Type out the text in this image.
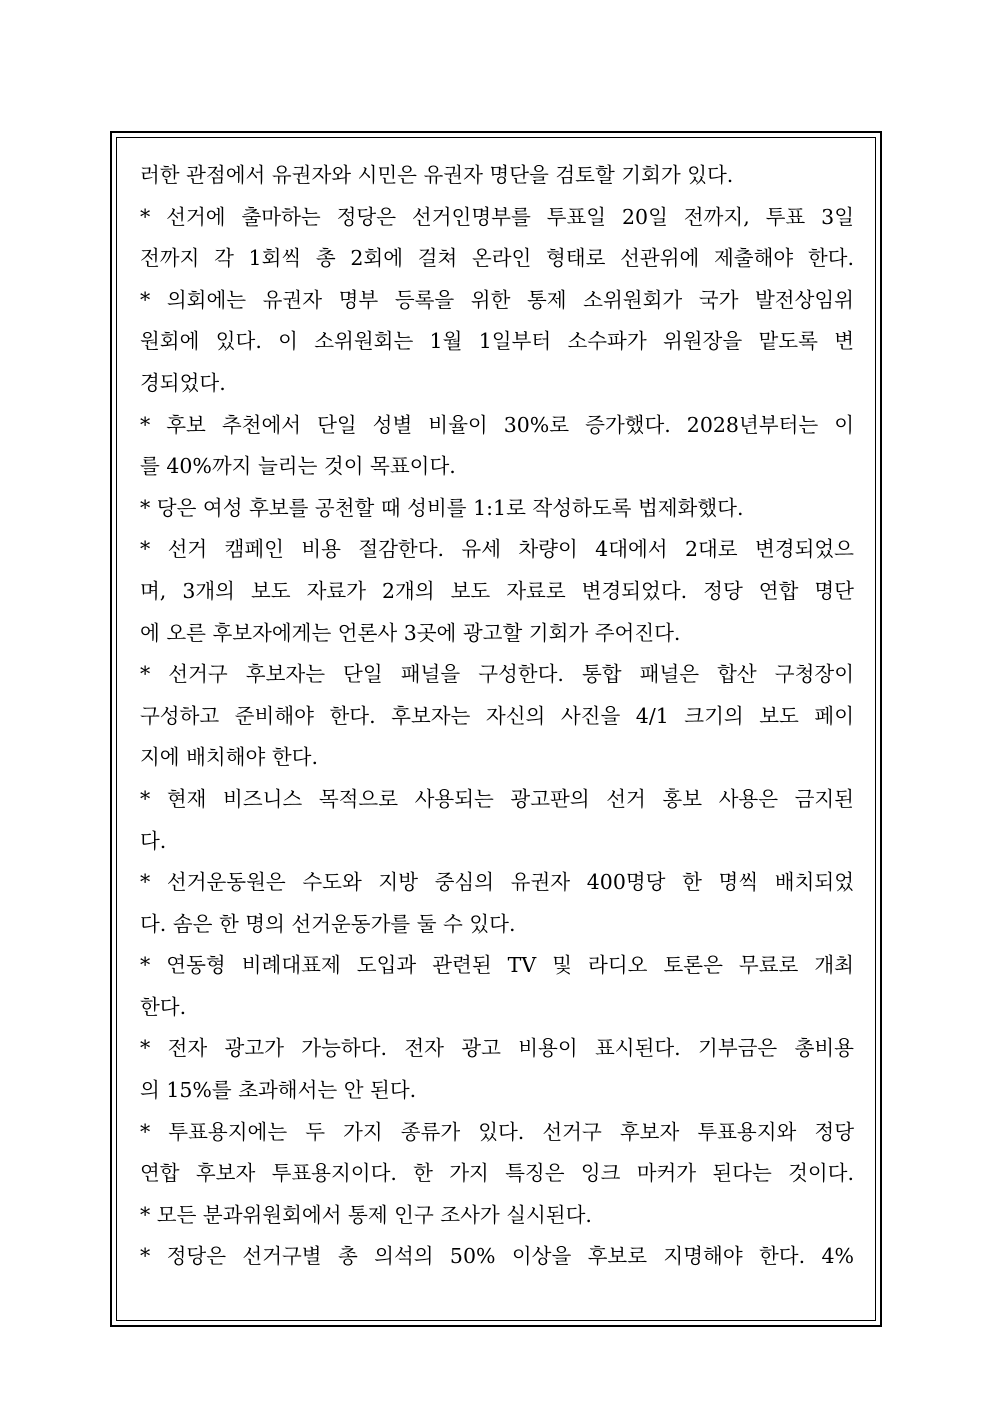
러한 관점에서 유권자와 시민은 유권자 명단을 검토할 기회가 있다.
* 선거에 출마하는 정당은 선거인명부를 투표일 20일 전까지, 투표 3일
전까지 각 1회씩 총 2회에 걸쳐 온라인 형태로 선관위에 제출해야 한다.
* 의회에는 유권자 명부 등록을 위한 통제 소위원회가 국가 발전상임위
원회에 있다. 이 소위원회는 1월 1일부터 소수파가 위원장을 맡도록 변
경되었다.
* 후보 추천에서 단일 성별 비율이 30%로 증가했다. 2028년부터는 이
를 40%까지 늘리는 것이 목표이다.
* 당은 여성 후보를 공천할 때 성비를 1:1로 작성하도록 법제화했다.
* 선거 캠페인 비용 절감한다. 유세 차량이 4대에서 2대로 변경되었으
며, 3개의 보도 자료가 2개의 보도 자료로 변경되었다. 정당 연합 명단
에 오른 후보자에게는 언론사 3곳에 광고할 기회가 주어진다.
* 선거구 후보자는 단일 패널을 구성한다. 통합 패널은 합산 구청장이
구성하고 준비해야 한다. 후보자는 자신의 사진을 4/1 크기의 보도 페이
지에 배치해야 한다.
* 현재 비즈니스 목적으로 사용되는 광고판의 선거 홍보 사용은 금지된
다.
* 선거운동원은 수도와 지방 중심의 유권자 400명당 한 명씩 배치되었
다. 솜은 한 명의 선거운동가를 둘 수 있다.
* 연동형 비례대표제 도입과 관련된 TV 및 라디오 토론은 무료로 개최
한다.
* 전자 광고가 가능하다. 전자 광고 비용이 표시된다. 기부금은 총비용
의 15%를 초과해서는 안 된다.
* 투표용지에는 두 가지 종류가 있다. 선거구 후보자 투표용지와 정당
연합 후보자 투표용지이다. 한 가지 특징은 잉크 마커가 된다는 것이다.
* 모든 분과위원회에서 통제 인구 조사가 실시된다.
* 정당은 선거구별 총 의석의 50% 이상을 후보로 지명해야 한다. 4%
